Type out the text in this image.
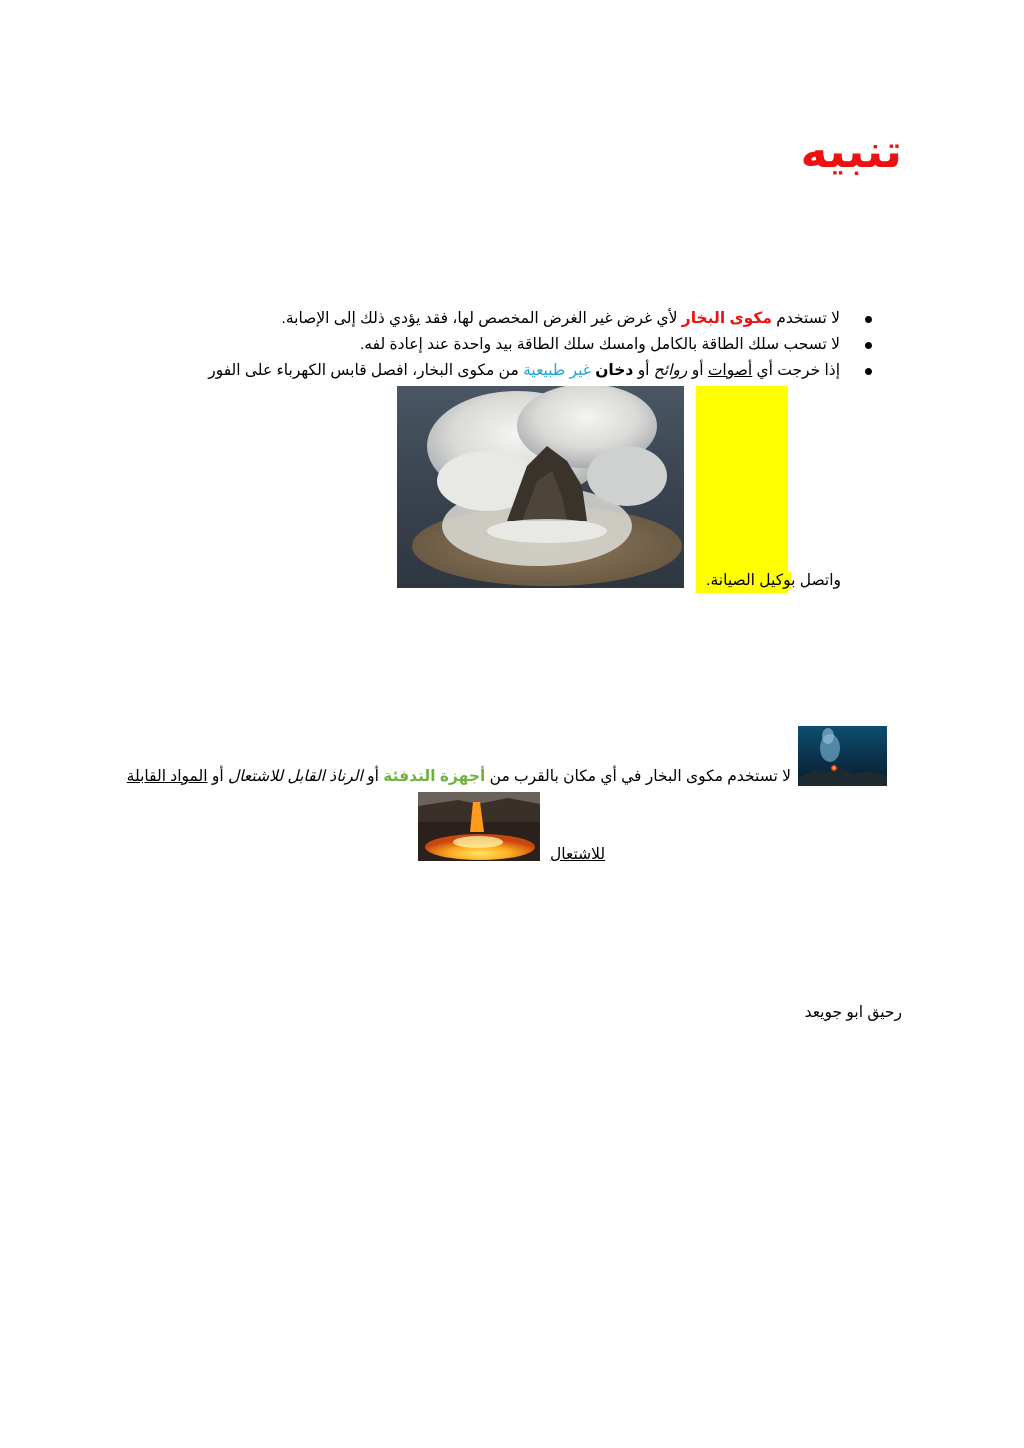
تنبيه
لا تستخدم مكوى البخار لأي غرض غير الغرض المخصص لها، فقد يؤدي ذلك إلى الإصابة.
لا تسحب سلك الطاقة بالكامل وامسك سلك الطاقة بيد واحدة عند إعادة لفه.
إذا خرجت أي أصوات أو روائح أو دخان غير طبيعية من مكوى البخار، افصل قابس الكهرباء على الفور
واتصل بوكيل الصيانة.
لا تستخدم مكوى البخار في أي مكان بالقرب من أجهزة التدفئة أو الرناذ القابل للاشتعال أو المواد القابلة
للاشتعال
رحيق ابو جويعد
